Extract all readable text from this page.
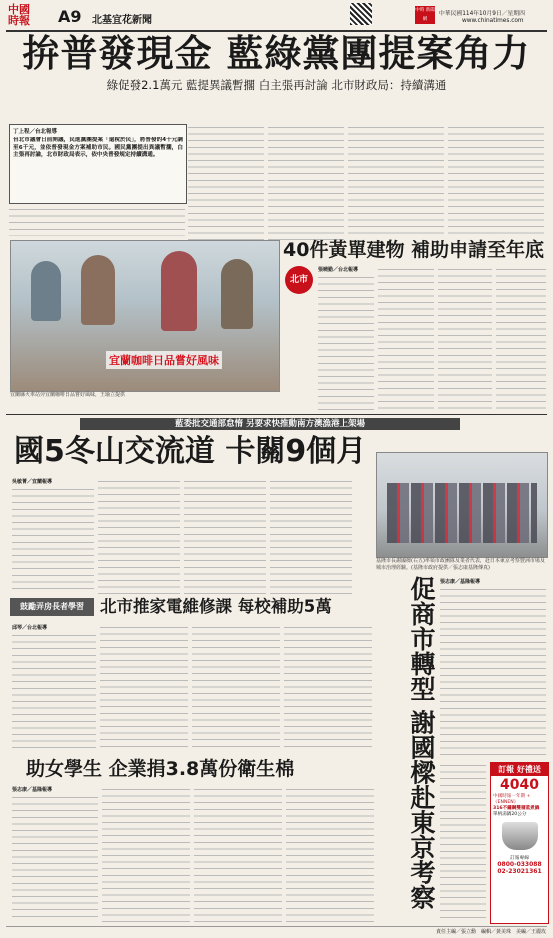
中國
時報	A9 北基宜花新聞
中時 新聞網
中華民國114年10月9日／星期四
www.chinatimes.com
拚普發現金 藍綠黨團提案角力
綠促發2.1萬元 藍提異議暫擱 白主張再討論 北市財政局：持續溝通
丁上程／台北報導
台北市議會日前開議，民進黨團提案「還稅於民」，將普發的4千元調至6千元，並依普發現金方案補助市民。國民黨團提出異議暫擱，白主張再討論，北市財政局表示，依中央普發規定持續溝通。
宜蘭咖啡日品嘗好風味
宜蘭縣火車站旁宜蘭咖啡日品嘗好風味，王瑜立提供
40件黃單建物 補助申請至年底
北市
張曉勤／台北報導
藍委批交通部怠惰 另要求快推動南方澳漁港上架場
國5冬山交流道 卡關9個月
吳敏菁／宜蘭報導
基隆市長謝國樑(右五)率領市政團隊及業者代表，赴日本東京考察豐洲市場及城市治理經驗。(基隆市政府提供／張志康基隆傳真)
鼓勵弄房長者學習 北市推家電維修課 每校補助5萬
邱琴／台北報導
助女學生 企業捐3.8萬份衛生棉
張志康／基隆報導	促商市轉型 謝國樑赴東京考察 張志康／基隆報導
訂報 好禮送
4040
中國時報一年期 + 《ENNEN》
316不鏽鋼雙層蒸煮鍋
單柄湯鍋20公分
訂報專線
0800-033088
02-23021361
責任主編／張立勳　編輯／黃美珠　美編／王麗玫
